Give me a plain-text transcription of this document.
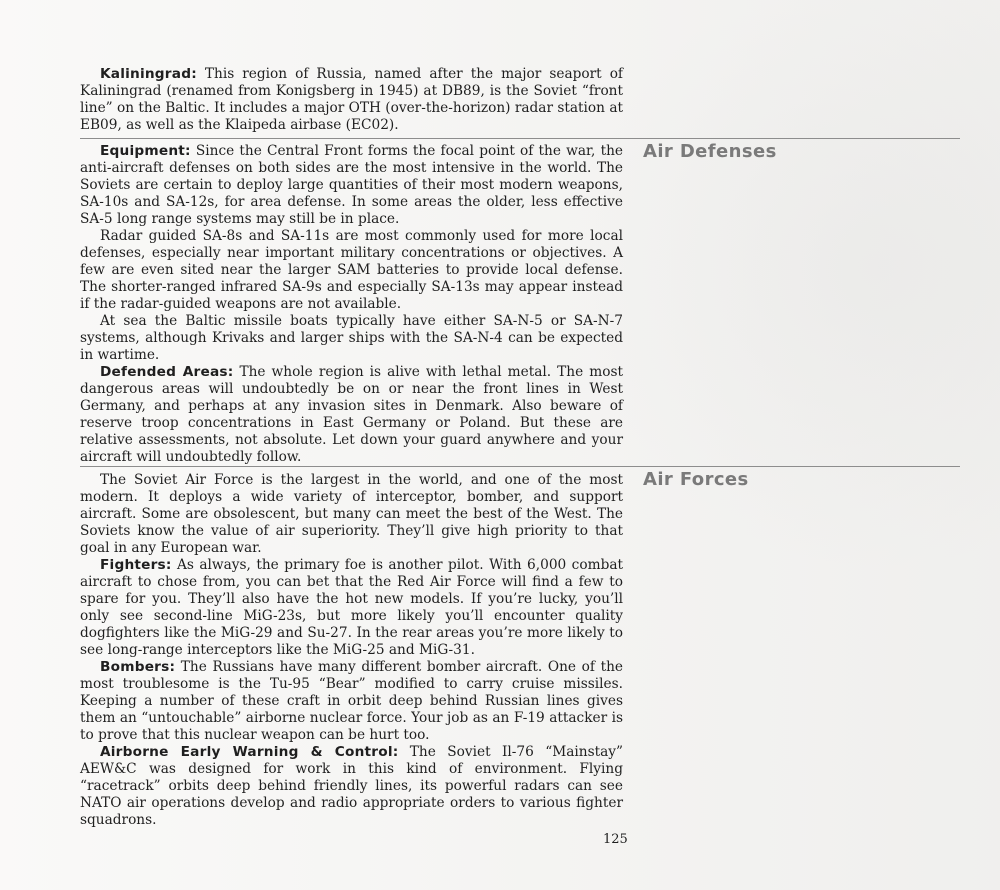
Kaliningrad: This region of Russia, named after the major seaport of Kaliningrad (renamed from Konigsberg in 1945) at DB89, is the Soviet “front line” on the Baltic. It includes a major OTH (over-the-horizon) radar station at EB09, as well as the Klaipeda airbase (EC02).

Air Defenses

Equipment: Since the Central Front forms the focal point of the war, the anti-aircraft defenses on both sides are the most intensive in the world. The Soviets are certain to deploy large quantities of their most modern weapons, SA-10s and SA-12s, for area defense. In some areas the older, less effective SA-5 long range systems may still be in place.

Radar guided SA-8s and SA-11s are most commonly used for more local defenses, especially near important military concentrations or objectives. A few are even sited near the larger SAM batteries to provide local defense. The shorter-ranged infrared SA-9s and especially SA-13s may appear instead if the radar-guided weapons are not available.

At sea the Baltic missile boats typically have either SA-N-5 or SA-N-7 systems, although Krivaks and larger ships with the SA-N-4 can be expected in wartime.

Defended Areas: The whole region is alive with lethal metal. The most dangerous areas will undoubtedly be on or near the front lines in West Germany, and perhaps at any invasion sites in Denmark. Also beware of reserve troop concentrations in East Germany or Poland. But these are relative assessments, not absolute. Let down your guard anywhere and your aircraft will undoubtedly follow.

Air Forces

The Soviet Air Force is the largest in the world, and one of the most modern. It deploys a wide variety of interceptor, bomber, and support aircraft. Some are obsolescent, but many can meet the best of the West. The Soviets know the value of air superiority. They’ll give high priority to that goal in any European war.

Fighters: As always, the primary foe is another pilot. With 6,000 combat aircraft to chose from, you can bet that the Red Air Force will find a few to spare for you. They’ll also have the hot new models. If you’re lucky, you’ll only see second-line MiG-23s, but more likely you’ll encounter quality dogfighters like the MiG-29 and Su-27. In the rear areas you’re more likely to see long-range interceptors like the MiG-25 and MiG-31.

Bombers: The Russians have many different bomber aircraft. One of the most troublesome is the Tu-95 “Bear” modified to carry cruise missiles. Keeping a number of these craft in orbit deep behind Russian lines gives them an “untouchable” airborne nuclear force. Your job as an F-19 attacker is to prove that this nuclear weapon can be hurt too.

Airborne Early Warning & Control: The Soviet Il-76 “Mainstay” AEW&C was designed for work in this kind of environment. Flying “racetrack” orbits deep behind friendly lines, its powerful radars can see NATO air operations develop and radio appropriate orders to various fighter squadrons.

125
